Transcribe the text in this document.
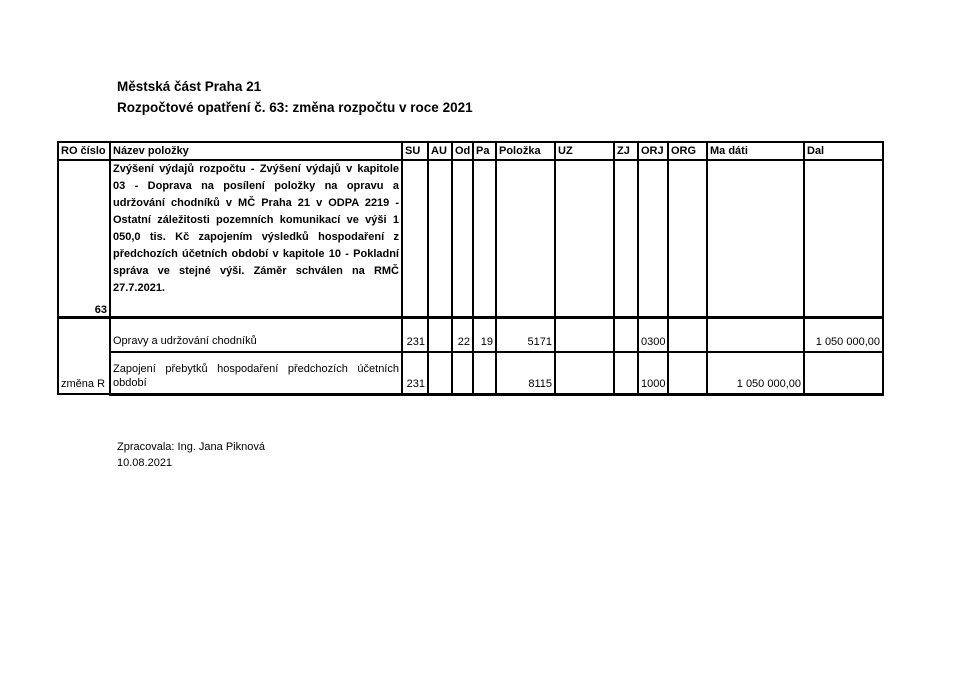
Městská část Praha 21
Rozpočtové opatření č. 63: změna rozpočtu v roce 2021
RO číslo	Název položky	SU	AU	Od	Pa	Položka	UZ	ZJ	ORJ	ORG	Ma dáti	Dal
63	Zvýšení výdajů rozpočtu - Zvýšení výdajů v kapitole 03 - Doprava na posílení položky na opravu a udržování chodníků v MČ Praha 21 v ODPA 2219 - Ostatní záležitosti pozemních komunikací ve výši 1 050,0 tis. Kč zapojením výsledků hospodaření z předchozích účetních období v kapitole 10 - Pokladní správa ve stejné výši. Záměr schválen na RMČ 27.7.2021.											
změna R	Opravy a udržování chodníků	231		22	19	5171			0300			1 050 000,00
	Zapojení přebytků hospodaření předchozích účetních období	231				8115			1000		1 050 000,00	
Zpracovala: Ing. Jana Piknová
10.08.2021
